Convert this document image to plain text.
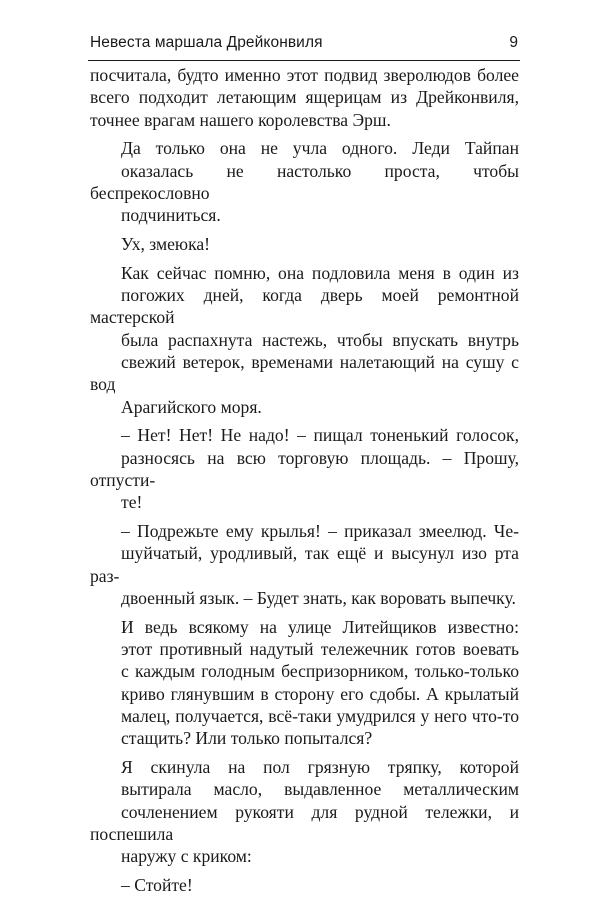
Невеста маршала Дрейконвиля	9

посчитала, будто именно этот подвид зверолюдов более
всего подходит летающим ящерицам из Дрейконвиля,
точнее врагам нашего королевства Эрш.

Да только она не учла одного. Леди Тайпан
оказалась не настолько проста, чтобы беспрекословно
подчиниться.

Ух, змеюка!

Как сейчас помню, она подловила меня в один из
погожих дней, когда дверь моей ремонтной мастерской
была распахнута настежь, чтобы впускать внутрь
свежий ветерок, временами налетающий на сушу с вод
Арагийского моря.

– Нет! Нет! Не надо! – пищал тоненький голосок,
разносясь на всю торговую площадь. – Прошу, отпусти-
те!

– Подрежьте ему крылья! – приказал змеелюд. Че-
шуйчатый, уродливый, так ещё и высунул изо рта раз-
двоенный язык. – Будет знать, как воровать выпечку.

И ведь всякому на улице Литейщиков известно:
этот противный надутый тележечник готов воевать
с каждым голодным беспризорником, только-только
криво глянувшим в сторону его сдобы. А крылатый
малец, получается, всё-таки умудрился у него что-то
стащить? Или только попытался?

Я скинула на пол грязную тряпку, которой
вытирала масло, выдавленное металлическим
сочленением рукояти для рудной тележки, и поспешила
наружу с криком:

– Стойте!
